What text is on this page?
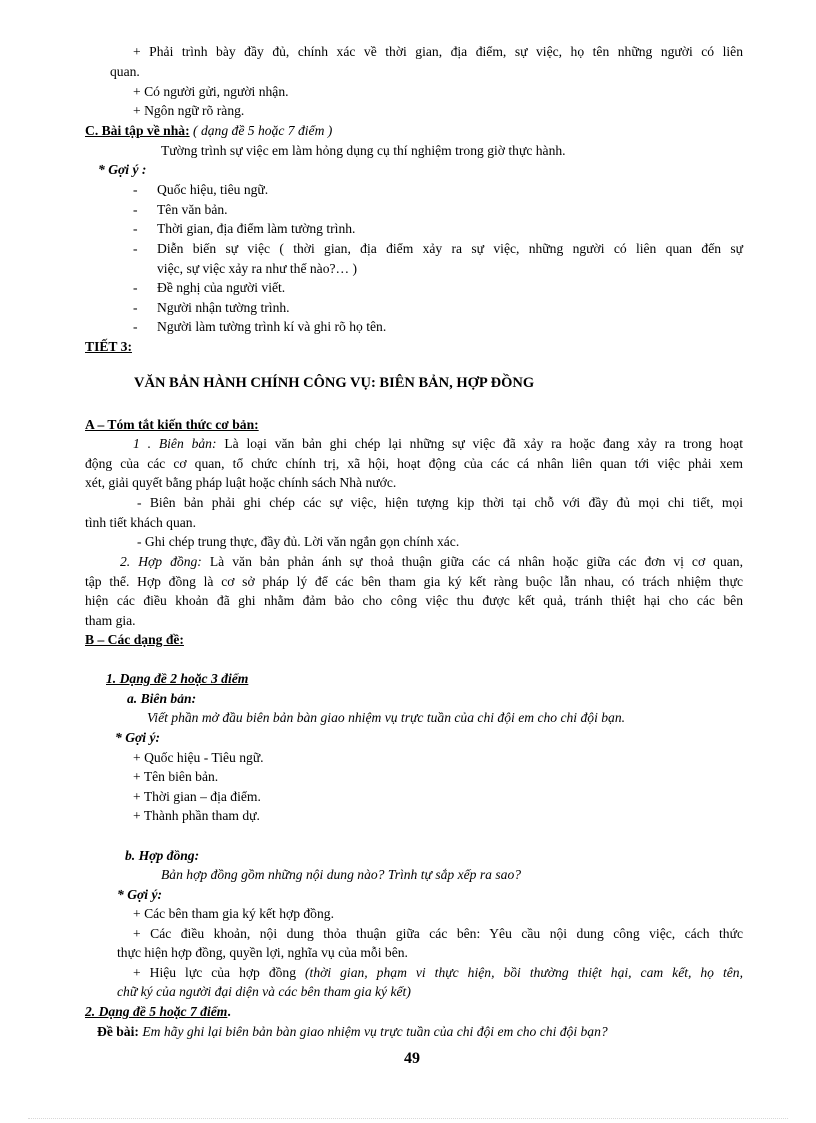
+ Phải trình bày đầy đủ, chính xác về thời gian, địa điểm, sự việc, họ tên những người có liên
quan.
+ Có người gửi, người nhận.
+ Ngôn ngữ rõ ràng.
C. Bài tập về nhà: ( dạng đề 5 hoặc 7 điểm )
Tường trình sự việc em làm hỏng dụng cụ thí nghiệm trong giờ thực hành.
* Gợi ý :
- Quốc hiệu, tiêu ngữ.
- Tên văn bản.
- Thời gian, địa điểm làm tường trình.
- Diễn biến sự việc ( thời gian, địa điểm xảy ra sự việc, những người có liên quan đến sự
việc, sự việc xảy ra như thế nào?… )
- Đề nghị của người viết.
- Người nhận tường trình.
- Người làm tường trình kí và ghi rõ họ tên.
TIẾT 3:
VĂN BẢN HÀNH CHÍNH CÔNG VỤ: BIÊN BẢN, HỢP ĐỒNG
A – Tóm tắt kiến thức cơ bản:
1 . Biên bản: Là loại văn bản ghi chép lại những sự việc đã xảy ra hoặc đang xảy ra trong hoạt
động của các cơ quan, tổ chức chính trị, xã hội, hoạt động của các cá nhân liên quan tới việc phải xem
xét, giải quyết bằng pháp luật hoặc chính sách Nhà nước.
- Biên bản phải ghi chép các sự việc, hiện tượng kịp thời tại chỗ với đầy đủ mọi chi tiết, mọi
tình tiết khách quan.
- Ghi chép trung thực, đầy đủ. Lời văn ngắn gọn chính xác.
2. Hợp đồng: Là văn bản phản ánh sự thoả thuận giữa các cá nhân hoặc giữa các đơn vị cơ quan,
tập thể. Hợp đồng là cơ sở pháp lý để các bên tham gia ký kết ràng buộc lẫn nhau, có trách nhiệm thực
hiện các điều khoản đã ghi nhằm đảm bảo cho công việc thu được kết quả, tránh thiệt hại cho các bên
tham gia.
B – Các dạng đề:
1. Dạng đề 2 hoặc 3 điểm
a. Biên bản:
Viết phần mở đầu biên bản bàn giao nhiệm vụ trực tuần của chi đội em cho chi đội bạn.
* Gợi ý:
+ Quốc hiệu - Tiêu ngữ.
+ Tên biên bản.
+ Thời gian – địa điểm.
+ Thành phần tham dự.
b. Hợp đồng:
Bản hợp đồng gồm những nội dung nào? Trình tự sắp xếp ra sao?
* Gợi ý:
+ Các bên tham gia ký kết hợp đồng.
+ Các điều khoản, nội dung thỏa thuận giữa các bên: Yêu cầu nội dung công việc, cách thức
thực hiện hợp đồng, quyền lợi, nghĩa vụ của mỗi bên.
+ Hiệu lực của hợp đồng (thời gian, phạm vi thực hiện, bồi thường thiệt hại, cam kết, họ tên,
chữ ký của người đại diện và các bên tham gia ký kết)
2. Dạng đề 5 hoặc 7 điểm.
Đề bài: Em hãy ghi lại biên bản bàn giao nhiệm vụ trực tuần của chi đội em cho chi đội bạn?
49
